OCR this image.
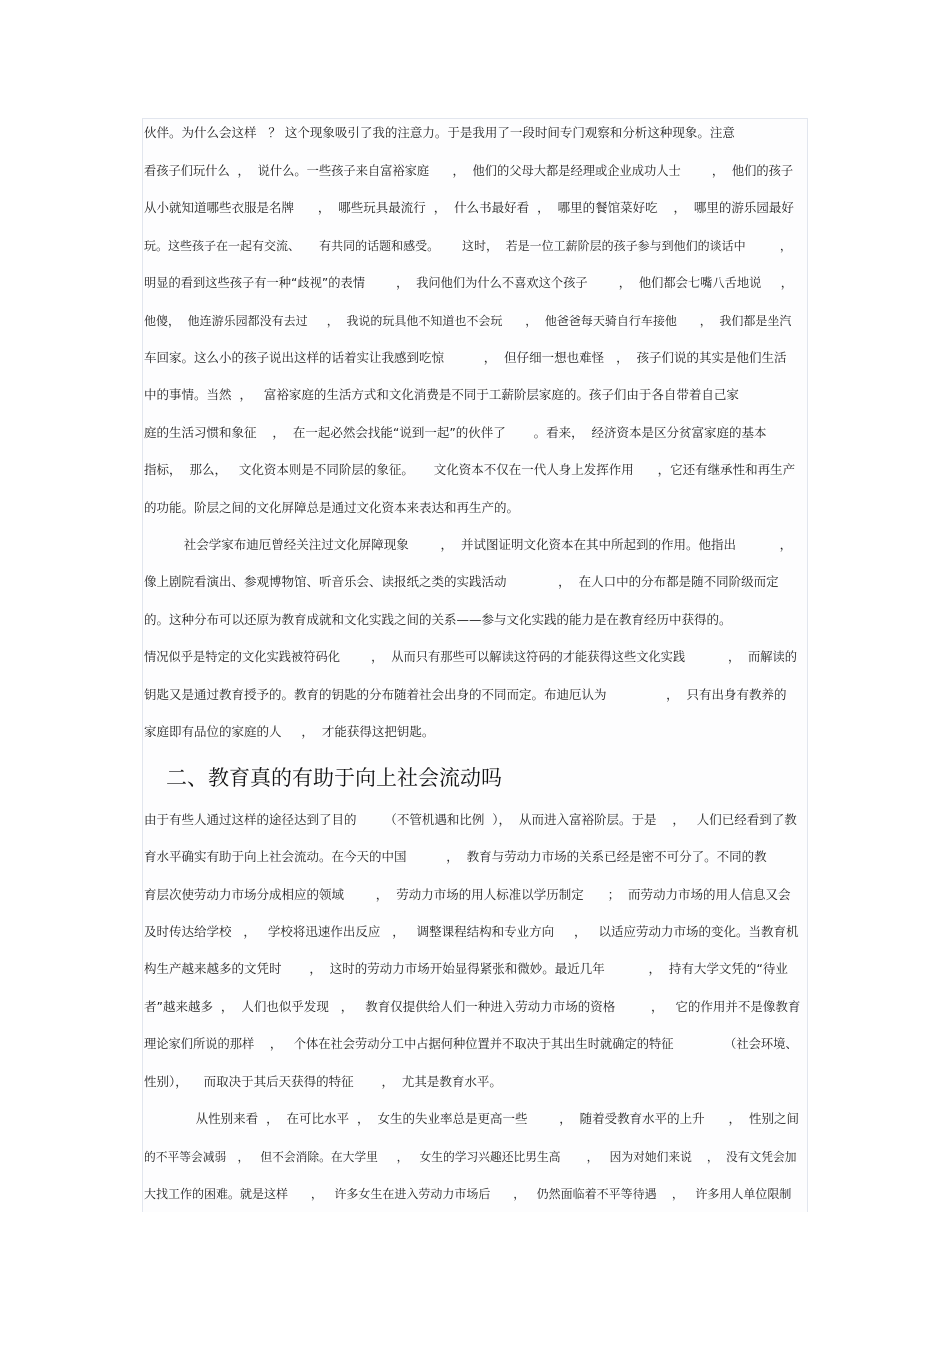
伙伴。为什么会这样   ？ 这个现象吸引了我的注意力。于是我用了一段时间专门观察和分析这种现象。注意
看孩子们玩什么  ，  说什么。一些孩子来自富裕家庭      ，  他们的父母大都是经理或企业成功人士        ，  他们的孩子
从小就知道哪些衣服是名牌      ，  哪些玩具最流行  ，  什么书最好看  ，  哪里的餐馆菜好吃    ，  哪里的游乐园最好
玩。这些孩子在一起有交流、     有共同的话题和感受。      这时，  若是一位工薪阶层的孩子参与到他们的谈话中         ，
明显的看到这些孩子有一种“歧视”的表情        ，  我问他们为什么不喜欢这个孩子        ，  他们都会七嘴八舌地说     ，
他傻，  他连游乐园都没有去过     ，  我说的玩具他不知道也不会玩      ，  他爸爸每天骑自行车接他      ，  我们都是坐汽
车回家。这么小的孩子说出这样的话着实让我感到吃惊          ，  但仔细一想也难怪   ，  孩子们说的其实是他们生活
中的事情。当然  ，   富裕家庭的生活方式和文化消费是不同于工薪阶层家庭的。孩子们由于各自带着自己家
庭的生活习惯和象征    ，  在一起必然会找能“说到一起”的伙伴了       。看来，  经济资本是区分贫富家庭的基本
指标，  那么，   文化资本则是不同阶层的象征。     文化资本不仅在一代人身上发挥作用      ，它还有继承性和再生产
的功能。阶层之间的文化屏障总是通过文化资本来表达和再生产的。
社会学家布迪厄曾经关注过文化屏障现象        ，  并试图证明文化资本在其中所起到的作用。他指出           ，
像上剧院看演出、参观博物馆、听音乐会、读报纸之类的实践活动             ，  在人口中的分布都是随不同阶级而定
的。这种分布可以还原为教育成就和文化实践之间的关系——参与文化实践的能力是在教育经历中获得的。
情况似乎是特定的文化实践被符码化        ，  从而只有那些可以解读这符码的才能获得这些文化实践           ，  而解读的
钥匙又是通过教育授予的。教育的钥匙的分布随着社会出身的不同而定。布迪厄认为               ，  只有出身有教养的
家庭即有品位的家庭的人     ，  才能获得这把钥匙。
二、教育真的有助于向上社会流动吗
由于有些人通过这样的途径达到了目的       （不管机遇和比例  ），  从而进入富裕阶层。于是    ，   人们已经看到了教
育水平确实有助于向上社会流动。在今天的中国          ，  教育与劳动力市场的关系已经是密不可分了。不同的教
育层次使劳动力市场分成相应的领域        ，  劳动力市场的用人标准以学历制定      ；  而劳动力市场的用人信息又会
及时传达给学校   ，   学校将迅速作出反应   ，   调整课程结构和专业方向     ，   以适应劳动力市场的变化。当教育机
构生产越来越多的文凭时       ，  这时的劳动力市场开始显得紧张和微妙。最近几年           ，  持有大学文凭的“待业
者”越来越多  ，  人们也似乎发现   ，   教育仅提供给人们一种进入劳动力市场的资格         ，   它的作用并不是像教育
理论家们所说的那样    ，   个体在社会劳动分工中占据何种位置并不取决于其出生时就确定的特征             （社会环境、
性别），    而取决于其后天获得的特征       ，  尤其是教育水平。
从性别来看  ，  在可比水平  ，  女生的失业率总是更高一些        ，  随着受教育水平的上升      ，  性别之间
的不平等会减弱   ，   但不会消除。在大学里     ，   女生的学习兴趣还比男生高       ，   因为对她们来说    ，  没有文凭会加
大找工作的困难。就是这样      ，   许多女生在进入劳动力市场后      ，   仍然面临着不平等待遇    ，   许多用人单位限制
